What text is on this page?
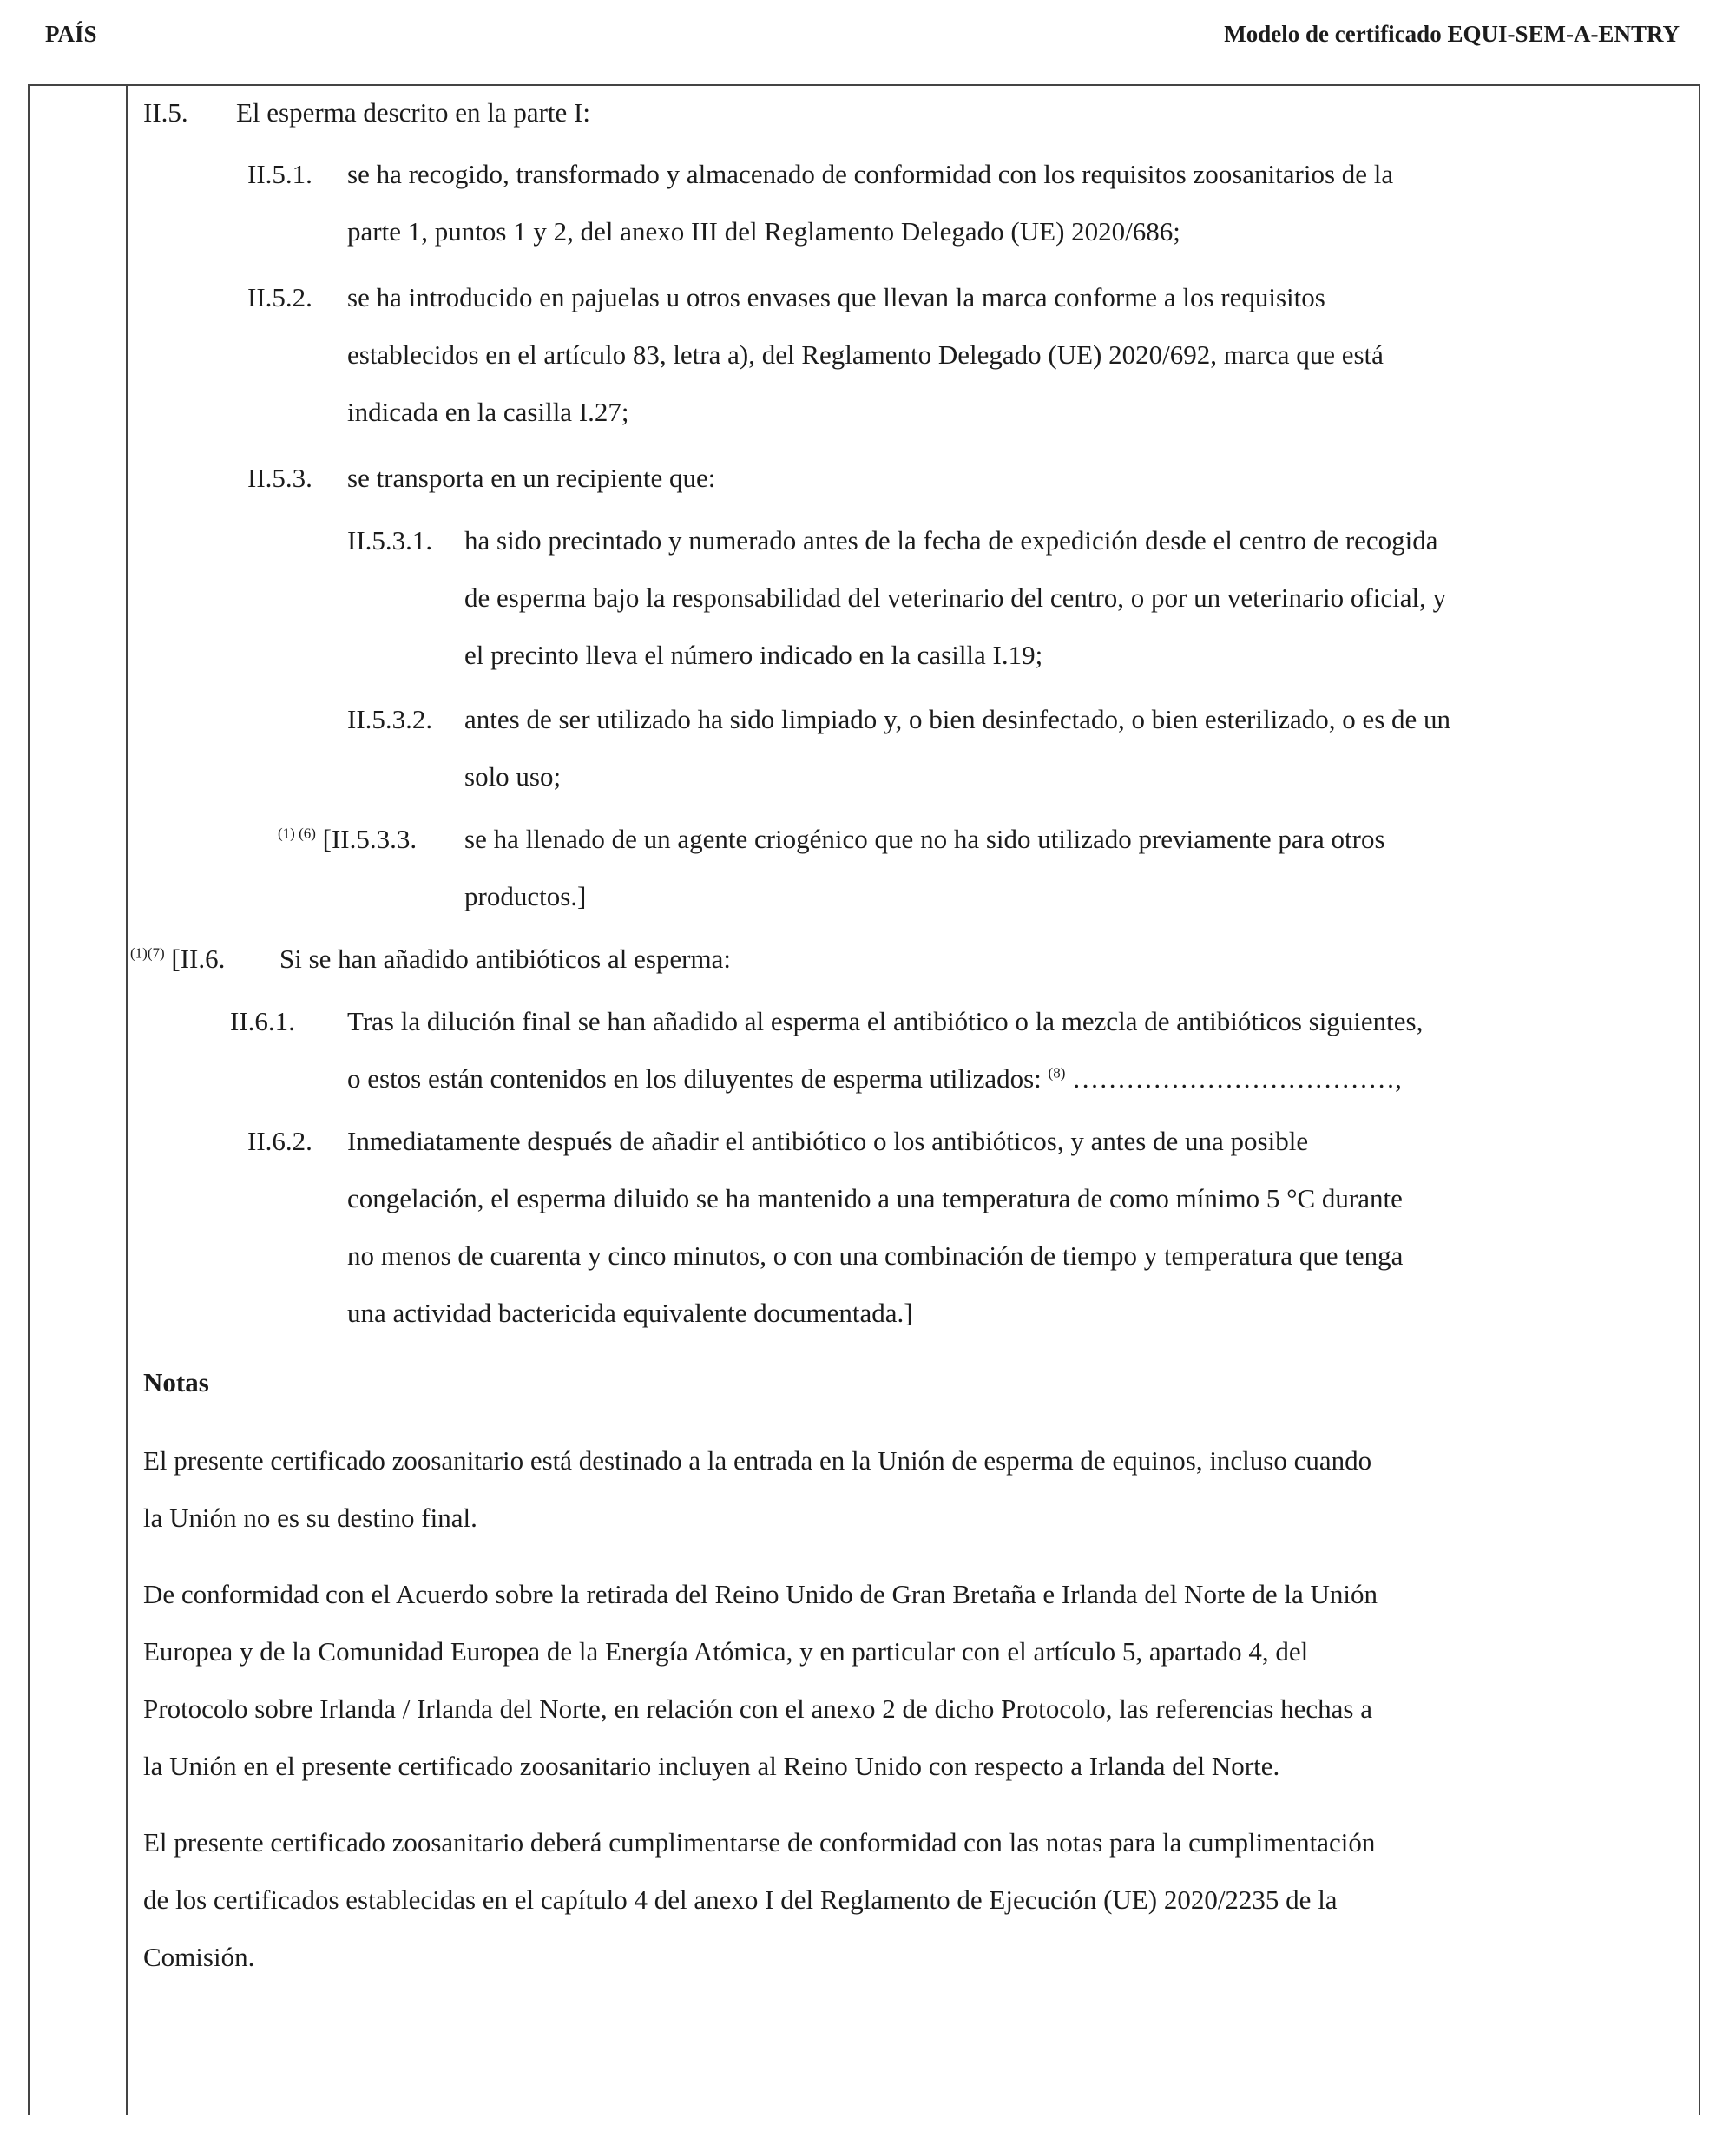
PAÍS	Modelo de certificado EQUI-SEM-A-ENTRY
II.5. El esperma descrito en la parte I:
II.5.1. se ha recogido, transformado y almacenado de conformidad con los requisitos zoosanitarios de la
parte 1, puntos 1 y 2, del anexo III del Reglamento Delegado (UE) 2020/686;
II.5.2. se ha introducido en pajuelas u otros envases que llevan la marca conforme a los requisitos
establecidos en el artículo 83, letra a), del Reglamento Delegado (UE) 2020/692, marca que está
indicada en la casilla I.27;
II.5.3. se transporta en un recipiente que:
II.5.3.1. ha sido precintado y numerado antes de la fecha de expedición desde el centro de recogida
de esperma bajo la responsabilidad del veterinario del centro, o por un veterinario oficial, y
el precinto lleva el número indicado en la casilla I.19;
II.5.3.2. antes de ser utilizado ha sido limpiado y, o bien desinfectado, o bien esterilizado, o es de un
solo uso;
$^{(1) (6)}$ [II.5.3.3. se ha llenado de un agente criogénico que no ha sido utilizado previamente para otros
productos.]
$^{(1)(7)}$ [II.6. Si se han añadido antibióticos al esperma:
II.6.1. Tras la dilución final se han añadido al esperma el antibiótico o la mezcla de antibióticos siguientes,
o estos están contenidos en los diluyentes de esperma utilizados: $^{(8)}$ ………………………………,
II.6.2. Inmediatamente después de añadir el antibiótico o los antibióticos, y antes de una posible
congelación, el esperma diluido se ha mantenido a una temperatura de como mínimo 5 °C durante
no menos de cuarenta y cinco minutos, o con una combinación de tiempo y temperatura que tenga
una actividad bactericida equivalente documentada.]
Notas
El presente certificado zoosanitario está destinado a la entrada en la Unión de esperma de equinos, incluso cuando
la Unión no es su destino final.
De conformidad con el Acuerdo sobre la retirada del Reino Unido de Gran Bretaña e Irlanda del Norte de la Unión
Europea y de la Comunidad Europea de la Energía Atómica, y en particular con el artículo 5, apartado 4, del
Protocolo sobre Irlanda / Irlanda del Norte, en relación con el anexo 2 de dicho Protocolo, las referencias hechas a
la Unión en el presente certificado zoosanitario incluyen al Reino Unido con respecto a Irlanda del Norte.
El presente certificado zoosanitario deberá cumplimentarse de conformidad con las notas para la cumplimentación
de los certificados establecidas en el capítulo 4 del anexo I del Reglamento de Ejecución (UE) 2020/2235 de la
Comisión.
